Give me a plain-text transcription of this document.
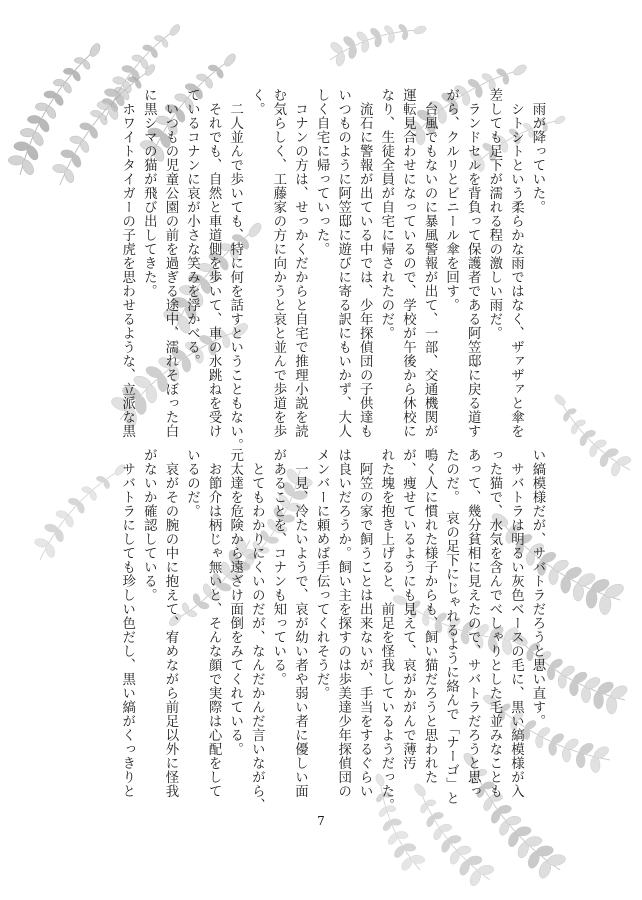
　雨が降っていた。

　シトシトという柔らかな雨ではなく、ザァザァと傘を

差しても足下が濡れる程の激しい雨だ。

　ランドセルを背負って保護者である阿笠邸に戻る道す

がら、クルリとビニール傘を回す。

　台風でもないのに暴風警報が出て、一部、交通機関が

運転見合わせになっているので、学校が午後から休校に

なり、生徒全員が自宅に帰されたのだ。

　流石に警報が出ている中では、少年探偵団の子供達も

いつものように阿笠邸に遊びに寄る訳にもいかず、大人

しく自宅に帰っていった。

　コナンの方は、せっかくだからと自宅で推理小説を読

む気らしく、工藤家の方に向かうと哀と並んで歩道を歩

く。

　二人並んで歩いても、特に何を話すということもない。

　それでも、自然と車道側を歩いて、車の水跳ねを受け

ているコナンに哀が小さな笑みを浮かべる。

　いつもの児童公園の前を過ぎる途中、濡れそぼった白

に黒シマの猫が飛び出してきた。

　ホワイトタイガーの子虎を思わせるような、立派な黒

い縞模様だが、サバトラだろうと思い直す。

　サバトラは明るい灰色ベースの毛に、黒い縞模様が入

った猫で、水気を含んでべしゃりとした毛並みなことも

あって、幾分貧相に見えたので、サバトラだろうと思っ

たのだ。　哀の足下にじゃれるように絡んで「ナーゴ」と

鳴く人に慣れた様子からも、飼い猫だろうと思われた

が、痩せているようにも見えて、哀がかがんで薄汚

れた塊を抱き上げると、前足を怪我しているようだった。

　阿笠の家で飼うことは出来ないが、手当をするぐらい

は良いだろうか。飼い主を探すのは歩美達少年探偵団の

メンバーに頼めば手伝ってくれそうだ。

　一見、冷たいようで、哀が幼い者や弱い者に優しい面

があることを、コナンも知っている。

　とてもわかりにくいのだが、なんだかんだ言いながら、

元太達を危険から遠ざけ面倒をみてくれている。

　お節介は柄じゃ無いと、そんな顔で実際は心配をして

いるのだ。

　哀がその腕の中に抱えて、宥めながら前足以外に怪我

がないか確認している。

　サバトラにしても珍しい色だし、黒い縞がくっきりと

7
